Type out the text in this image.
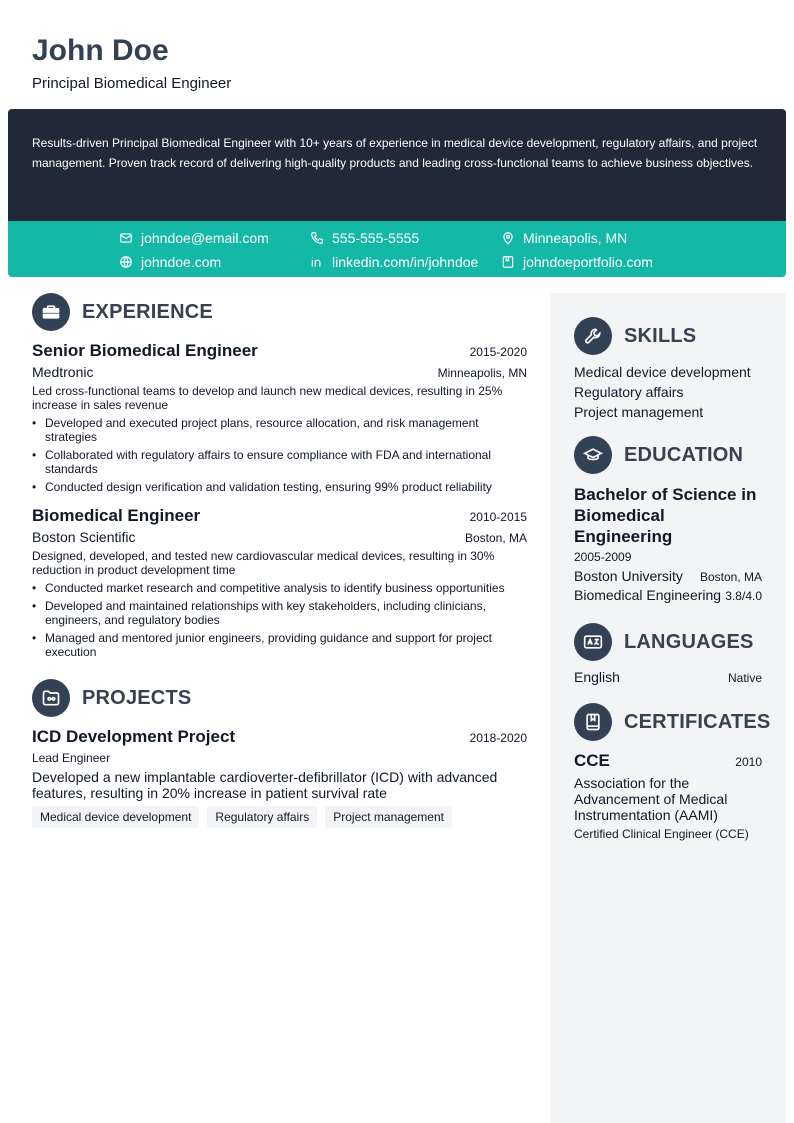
John Doe
Principal Biomedical Engineer
Results-driven Principal Biomedical Engineer with 10+ years of experience in medical device development, regulatory affairs, and project management. Proven track record of delivering high-quality products and leading cross-functional teams to achieve business objectives.
johndoe@email.com	555-555-5555	Minneapolis, MN
johndoe.com	linkedin.com/in/johndoe	johndoeportfolio.com
EXPERIENCE
Senior Biomedical Engineer	2015-2020
Medtronic	Minneapolis, MN
Led cross-functional teams to develop and launch new medical devices, resulting in 25% increase in sales revenue
• Developed and executed project plans, resource allocation, and risk management strategies
• Collaborated with regulatory affairs to ensure compliance with FDA and international standards
• Conducted design verification and validation testing, ensuring 99% product reliability
Biomedical Engineer	2010-2015
Boston Scientific	Boston, MA
Designed, developed, and tested new cardiovascular medical devices, resulting in 30% reduction in product development time
• Conducted market research and competitive analysis to identify business opportunities
• Developed and maintained relationships with key stakeholders, including clinicians, engineers, and regulatory bodies
• Managed and mentored junior engineers, providing guidance and support for project execution
PROJECTS
ICD Development Project	2018-2020
Lead Engineer
Developed a new implantable cardioverter-defibrillator (ICD) with advanced features, resulting in 20% increase in patient survival rate
Medical device development	Regulatory affairs	Project management
SKILLS
Medical device development
Regulatory affairs
Project management
EDUCATION
Bachelor of Science in Biomedical Engineering
2005-2009
Boston University Boston, MA
Biomedical Engineering 3.8/4.0
LANGUAGES
English	Native
CERTIFICATES
CCE	2010
Association for the Advancement of Medical Instrumentation (AAMI)
Certified Clinical Engineer (CCE)
